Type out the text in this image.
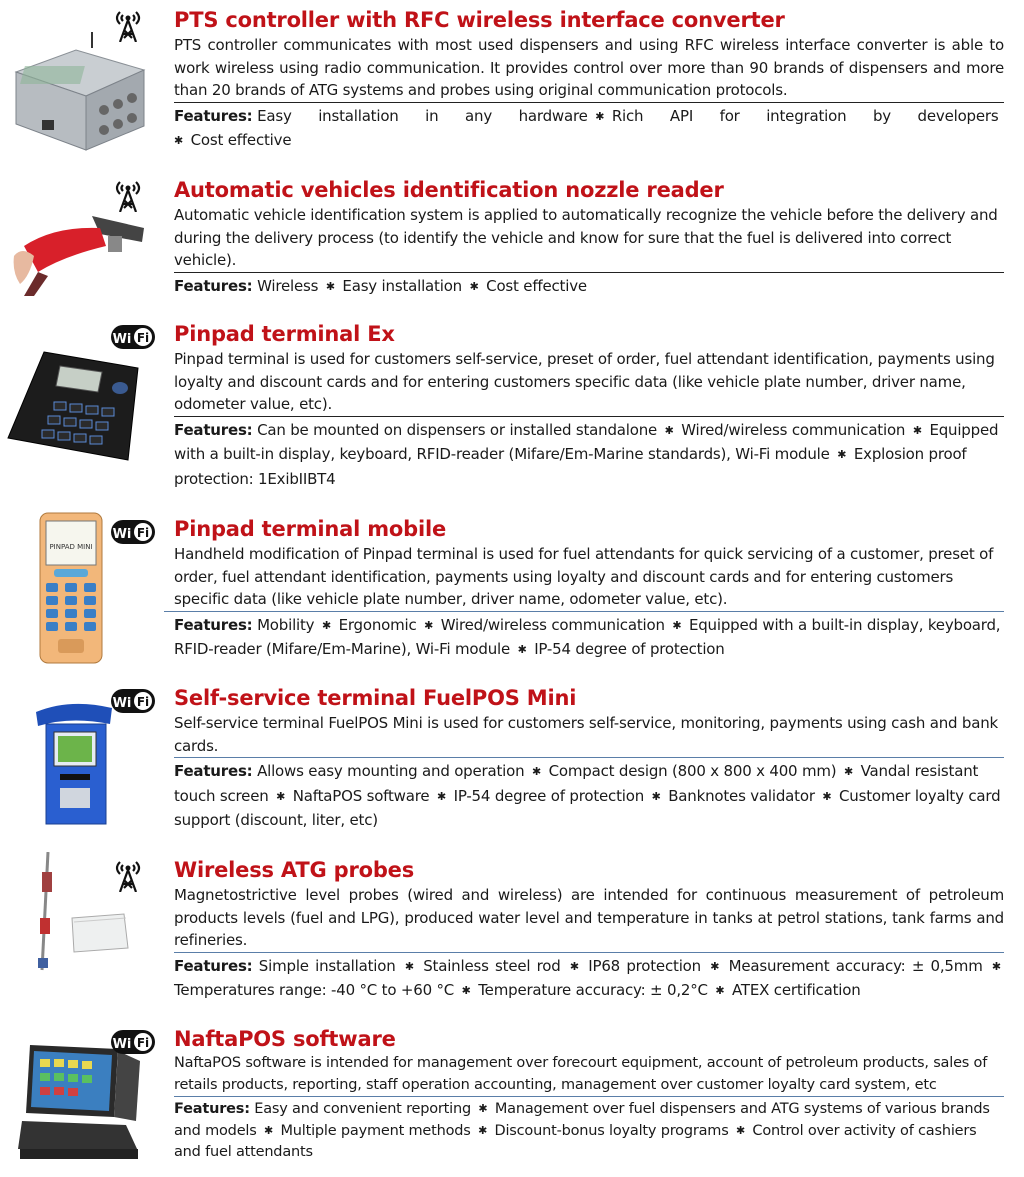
PTS controller with RFC wireless interface converter

PTS controller communicates with most used dispensers and using RFC wireless interface converter is able to work wireless using radio communication. It provides control over more than 90 brands of dispensers and more than 20 brands of ATG systems and probes using original communication protocols.

Features: Easy installation in any hardware ✱ Rich API for integration by developers
✱ Cost effective

Automatic vehicles identification nozzle reader

Automatic vehicle identification system is applied to automatically recognize the vehicle before the delivery and during the delivery process (to identify the vehicle and know for sure that the fuel is delivered into correct vehicle).

Features: Wireless ✱ Easy installation ✱ Cost effective

Wi Fi Pinpad terminal Ex

Pinpad terminal is used for customers self-service, preset of order, fuel attendant identification, payments using loyalty and discount cards and for entering customers specific data (like vehicle plate number, driver name, odometer value, etc).

Features: Can be mounted on dispensers or installed standalone ✱ Wired/wireless communication ✱ Equipped with a built-in display, keyboard, RFID-reader (Mifare/Em-Marine standards), Wi-Fi module ✱ Explosion proof protection: 1ExibIIBT4

PINPAD MINI
Wi Fi Pinpad terminal mobile

Handheld modification of Pinpad terminal is used for fuel attendants for quick servicing of a customer, preset of order, fuel attendant identification, payments using loyalty and discount cards and for entering customers specific data (like vehicle plate number, driver name, odometer value, etc).

Features: Mobility ✱ Ergonomic ✱ Wired/wireless communication ✱ Equipped with a built-in display, keyboard, RFID-reader (Mifare/Em-Marine), Wi-Fi module ✱ IP-54 degree of protection

Wi Fi Self-service terminal FuelPOS Mini

Self-service terminal FuelPOS Mini is used for customers self-service, monitoring, payments using cash and bank cards.

Features: Allows easy mounting and operation ✱ Compact design (800 x 800 x 400 mm) ✱ Vandal resistant touch screen ✱ NaftaPOS software ✱ IP-54 degree of protection ✱ Banknotes validator ✱ Customer loyalty card support (discount, liter, etc)

Wireless ATG probes

Magnetostrictive level probes (wired and wireless) are intended for continuous measurement of petroleum products levels (fuel and LPG), produced water level and temperature in tanks at petrol stations, tank farms and refineries.

Features: Simple installation ✱ Stainless steel rod ✱ IP68 protection ✱ Measurement accuracy: ± 0,5mm ✱ Temperatures range: -40 °C to +60 °C ✱ Temperature accuracy: ± 0,2°C ✱ ATEX certification

Wi Fi NaftaPOS software

NaftaPOS software is intended for management over forecourt equipment, account of petroleum products, sales of retails products, reporting, staff operation accounting, management over customer loyalty card system, etc

Features: Easy and convenient reporting ✱ Management over fuel dispensers and ATG systems of various brands and models ✱ Multiple payment methods ✱ Discount-bonus loyalty programs ✱ Control over activity of cashiers and fuel attendants
